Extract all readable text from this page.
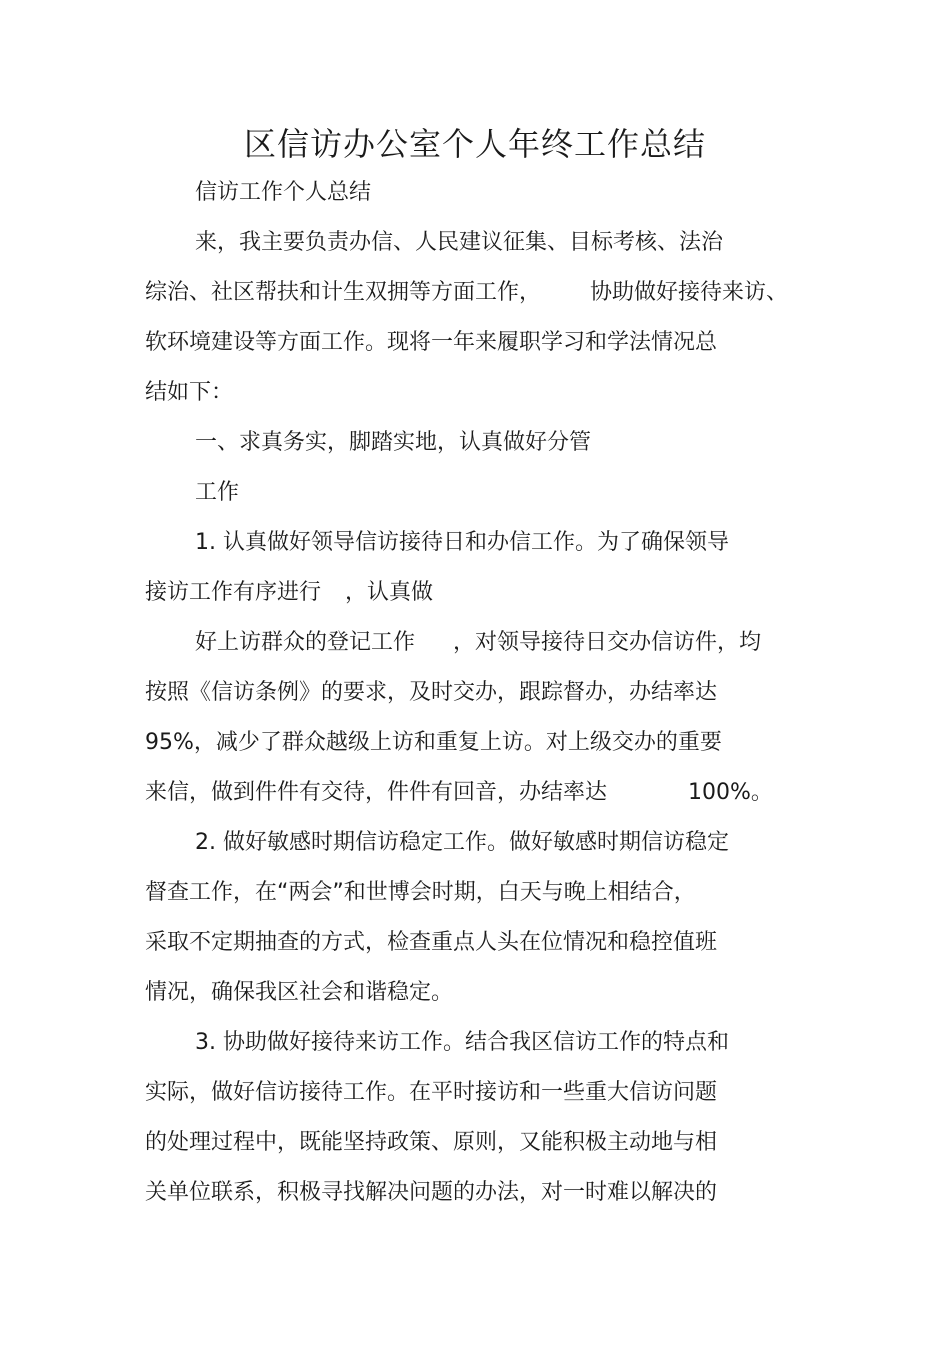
区信访办公室个人年终工作总结
信访工作个人总结
来，我主要负责办信、人民建议征集、目标考核、法治
综治、社区帮扶和计生双拥等方面工作， 协助做好接待来访、
软环境建设等方面工作。现将一年来履职学习和学法情况总
结如下：
一、求真务实，脚踏实地，认真做好分管
工作
1. 认真做好领导信访接待日和办信工作。为了确保领导
接访工作有序进行 ，认真做
好上访群众的登记工作 ，对领导接待日交办信访件，均
按照《信访条例》的要求，及时交办，跟踪督办，办结率达
95%，减少了群众越级上访和重复上访。对上级交办的重要
来信，做到件件有交待，件件有回音，办结率达	100%。
2. 做好敏感时期信访稳定工作。做好敏感时期信访稳定
督查工作，在“两会”和世博会时期，白天与晚上相结合，
采取不定期抽查的方式，检查重点人头在位情况和稳控值班
情况，确保我区社会和谐稳定。
3. 协助做好接待来访工作。结合我区信访工作的特点和
实际，做好信访接待工作。在平时接访和一些重大信访问题
的处理过程中，既能坚持政策、原则，又能积极主动地与相
关单位联系，积极寻找解决问题的办法，对一时难以解决的
